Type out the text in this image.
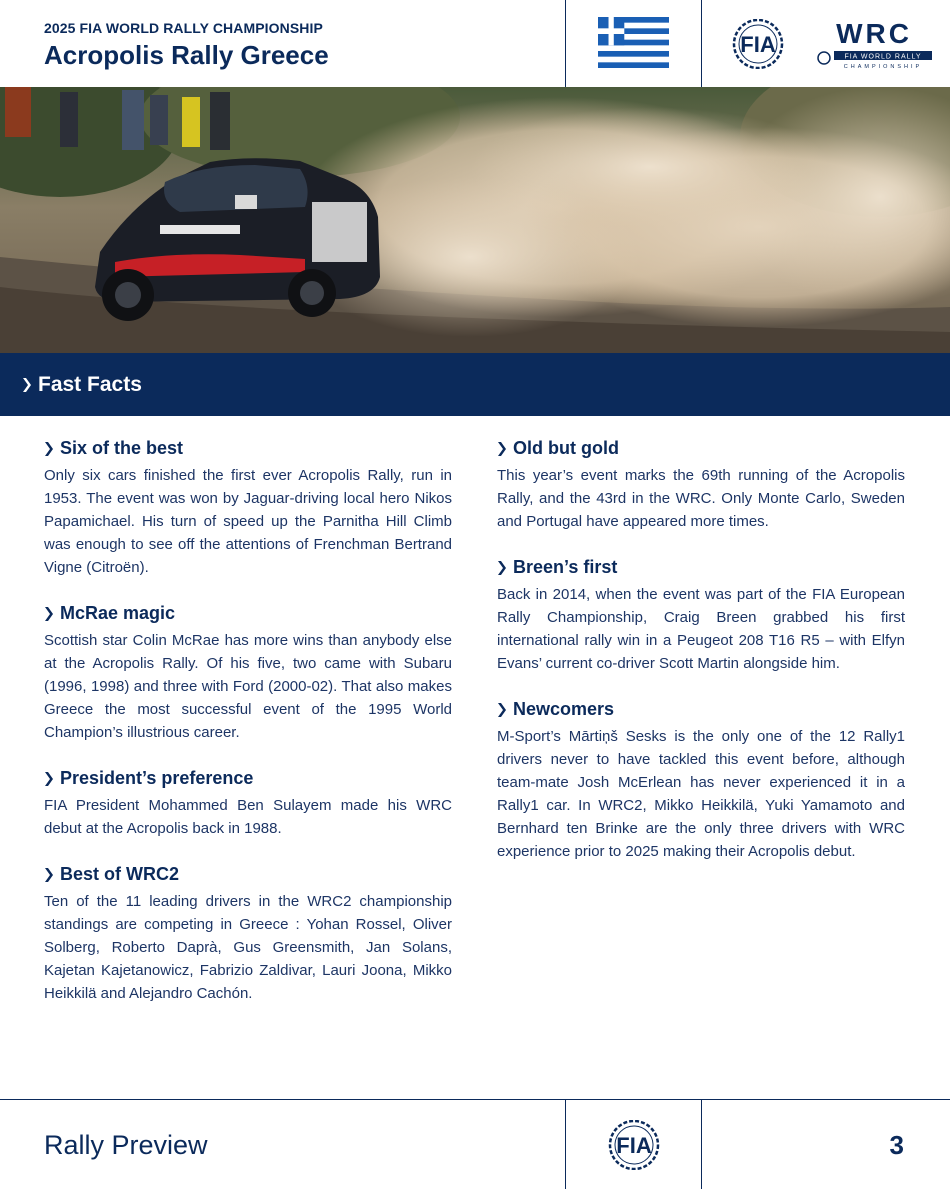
2025 FIA WORLD RALLY CHAMPIONSHIP
Acropolis Rally Greece	FIA WRC
FIA WORLD RALLY
CHAMPIONSHIP
Fast Facts
Six of the best

Only six cars finished the first ever Acropolis Rally, run in 1953. The event was won by Jaguar-driving local hero Nikos Papamichael. His turn of speed up the Parnitha Hill Climb was enough to see off the attentions of Frenchman Bertrand Vigne (Citroën).

McRae magic

Scottish star Colin McRae has more wins than anybody else at the Acropolis Rally. Of his five, two came with Subaru (1996, 1998) and three with Ford (2000-02). That also makes Greece the most successful event of the 1995 World Champion’s illustrious career.

President’s preference

FIA President Mohammed Ben Sulayem made his WRC debut at the Acropolis back in 1988.

Best of WRC2

Ten of the 11 leading drivers in the WRC2 championship standings are competing in Greece : Yohan Rossel, Oliver Solberg, Roberto Daprà, Gus Greensmith, Jan Solans, Kajetan Kajetanowicz, Fabrizio Zaldivar, Lauri Joona, Mikko Heikkilä and Alejandro Cachón.

Old but gold

This year’s event marks the 69th running of the Acropolis Rally, and the 43rd in the WRC. Only Monte Carlo, Sweden and Portugal have appeared more times.

Breen’s first

Back in 2014, when the event was part of the FIA European Rally Championship, Craig Breen grabbed his first international rally win in a Peugeot 208 T16 R5 – with Elfyn Evans’ current co-driver Scott Martin alongside him.

Newcomers

M-Sport’s Mārtiņš Sesks is the only one of the 12 Rally1 drivers never to have tackled this event before, although team-mate Josh McErlean has never experienced it in a Rally1 car. In WRC2, Mikko Heikkilä, Yuki Yamamoto and Bernhard ten Brinke are the only three drivers with WRC experience prior to 2025 making their Acropolis debut.

Rally Preview	FIA	3
